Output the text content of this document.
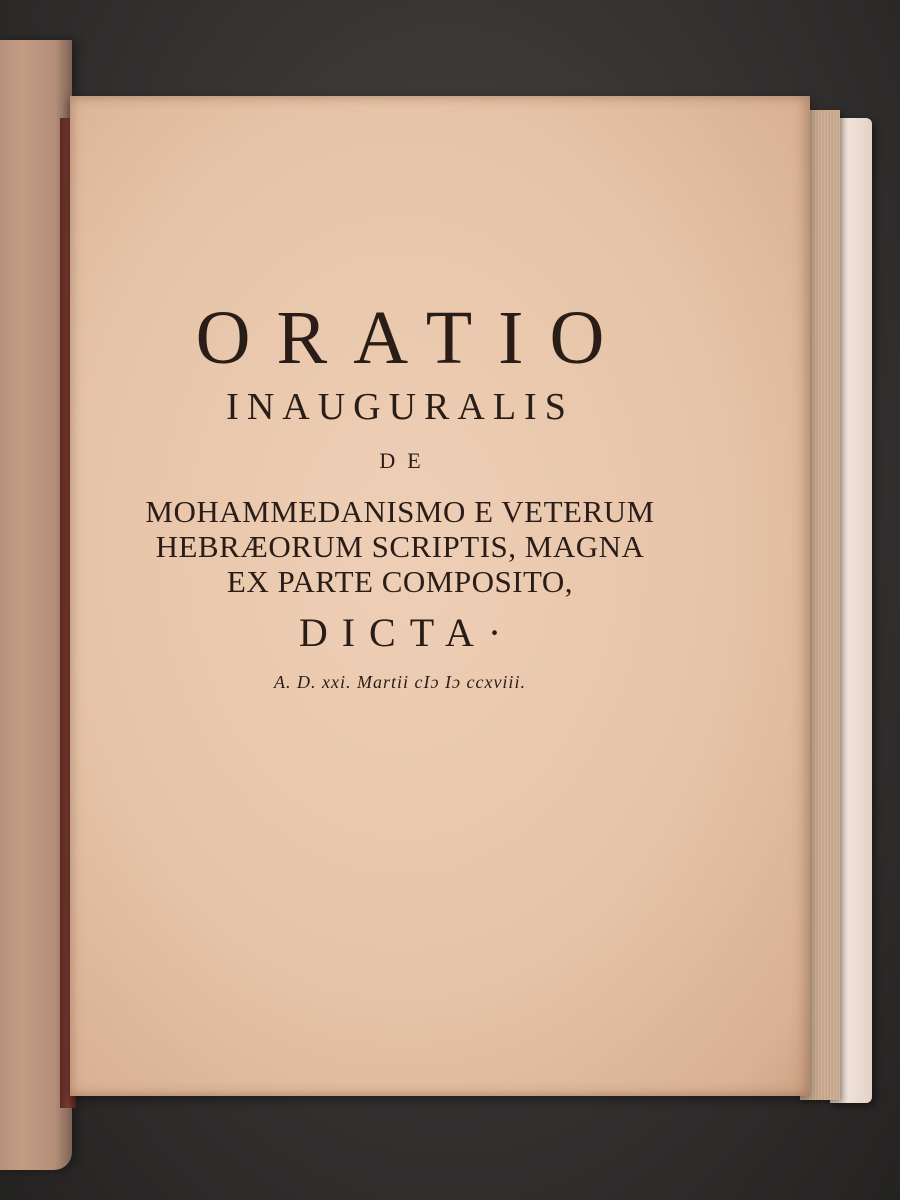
ORATIO
INAUGURALIS
DE
MOHAMMEDANISMO E VETERUM
HEBRÆORUM SCRIPTIS, MAGNA
EX PARTE COMPOSITO,
DICTA·
A. D. xxi. Martii cIɔ Iɔ ccxviii.
